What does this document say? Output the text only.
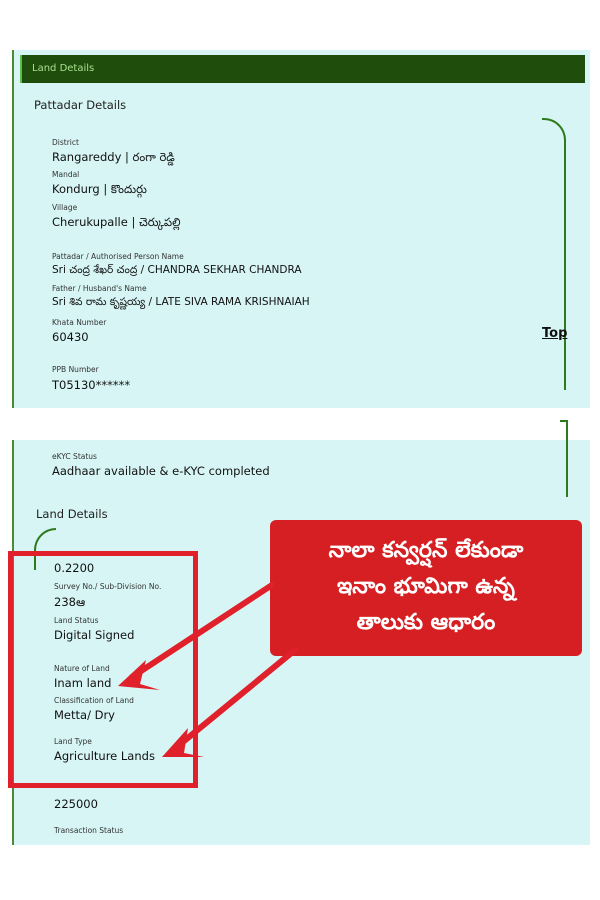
Land Details
Pattadar Details
District
Rangareddy | రంగా రెడ్డి
Mandal
Kondurg | కొందుర్గు
Village
Cherukupalle | చెర్కుపల్లి
Pattadar / Authorised Person Name
Sri చంద్ర శేఖర్ చంద్ర / CHANDRA SEKHAR CHANDRA
Father / Husband's Name
Sri శివ రామ కృష్ణయ్య / LATE SIVA RAMA KRISHNAIAH
Khata Number
60430
PPB Number
T05130******
Top
eKYC Status
Aadhaar available & e-KYC completed
Land Details
0.2200
Survey No./ Sub-Division No.
238ఆ
Land Status
Digital Signed
Nature of Land
Inam land
Classification of Land
Metta/ Dry
Land Type
Agriculture Lands
225000
Transaction Status
నాలా కన్వర్షన్ లేకుండా
ఇనాం భూమిగా ఉన్న
తాలుకు ఆధారం
